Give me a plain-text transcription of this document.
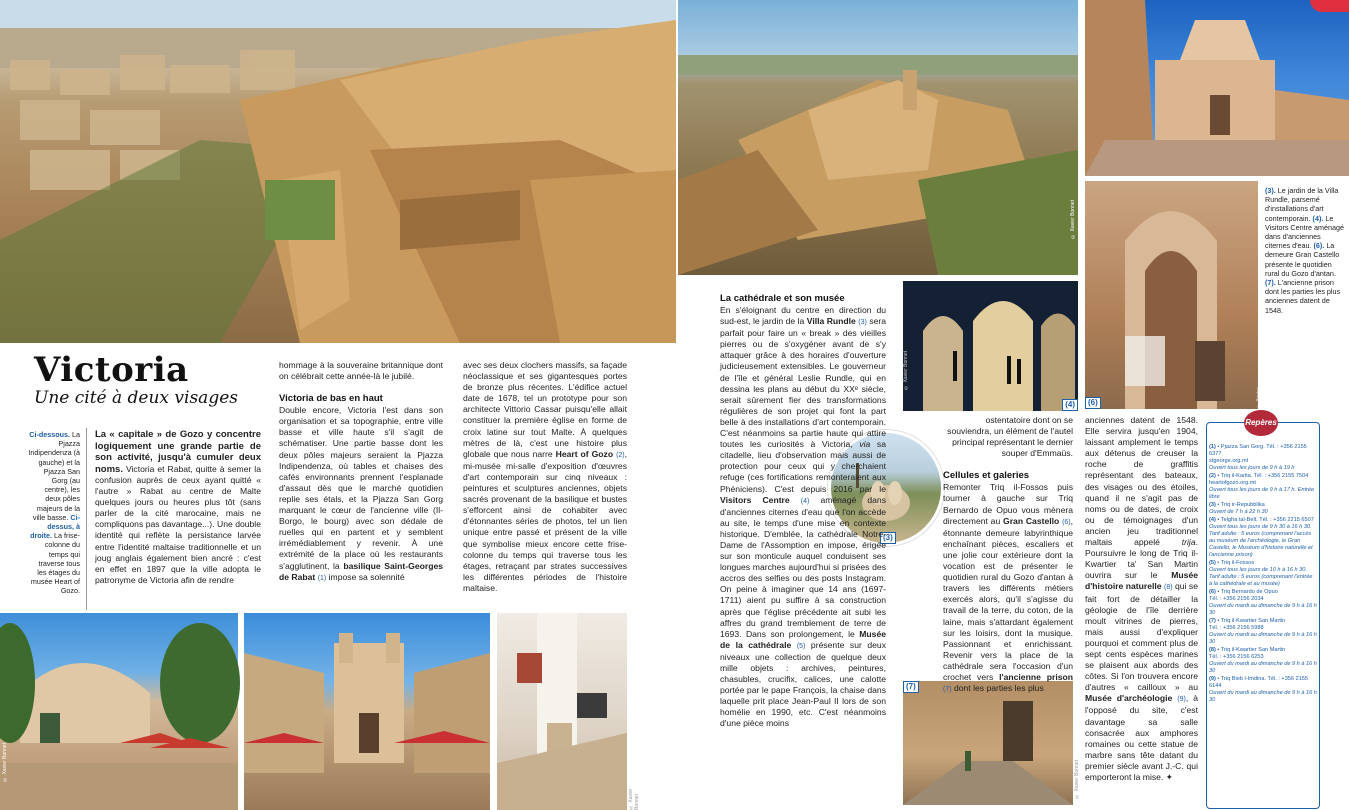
© Xavier Bonnet
(6)	© Xavier Bonnet
(4)
© Xavier Bonnet
(3)
(7)
© Xavier Bonnet
© Xavier Bonnet
© Xavier Bonnet
Victoria
Une cité à deux visages
Ci-dessous. La Pjazza Indipendenza (à gauche) et la Pjazza San Gorg (au centre), les deux pôles majeurs de la ville basse. Ci-dessus, à droite. La frise-colonne du temps qui traverse tous les étages du musée Heart of Gozo.

La « capitale » de Gozo y concentre logiquement une grande partie de son activité, jusqu'à cumuler deux noms. Victoria et Rabat, quitte à semer la confusion auprès de ceux ayant quitté « l'autre » Rabat au centre de Malte quelques jours ou heures plus tôt (sans parler de la cité marocaine, mais ne compliquons pas davantage...). Une double identité qui reflète la persistance larvée entre l'identité maltaise traditionnelle et un joug anglais également bien ancré : c'est en effet en 1897 que la ville adopta le patronyme de Victoria afin de rendre

hommage à la souveraine britannique dont on célébrait cette année-là le jubilé.

Victoria de bas en haut

Double encore, Victoria l'est dans son organisation et sa topographie, entre ville basse et ville haute s'il s'agit de schématiser. Une partie basse dont les deux pôles majeurs seraient la Pjazza Indipendenza, où tables et chaises des cafés environnants prennent l'esplanade d'assaut dès que le marché quotidien replie ses étals, et la Pjazza San Gorg marquant le cœur de l'ancienne ville (Il-Borgo, le bourg) avec son dédale de ruelles qui en partent et y semblent irrémédiablement y revenir. À une extrémité de la place où les restaurants s'agglutinent, la basilique Saint-Georges de Rabat (1) impose sa solennité

avec ses deux clochers massifs, sa façade néoclassique et ses gigantesques portes de bronze plus récentes. L'édifice actuel date de 1678, tel un prototype pour son architecte Vittorio Cassar puisqu'elle allait constituer la première église en forme de croix latine sur tout Malte. À quelques mètres de là, c'est une histoire plus globale que nous narre Heart of Gozo (2), mi-musée mi-salle d'exposition d'œuvres d'art contemporain sur cinq niveaux : peintures et sculptures anciennes, objets sacrés provenant de la basilique et bustes s'efforcent ainsi de cohabiter avec d'étonnantes séries de photos, tel un lien unique entre passé et présent de la ville que symbolise mieux encore cette frise-colonne du temps qui traverse tous les étages, retraçant par strates successives les différentes périodes de l'histoire maltaise.

La cathédrale et son musée

En s'éloignant du centre en direction du sud-est, le jardin de la Villa Rundle (3) sera parfait pour faire un « break » des vieilles pierres ou de s'oxygéner avant de s'y attaquer grâce à des horaires d'ouverture judicieusement extensibles. Le gouverneur de l'île et général Leslie Rundle, qui en dessina les plans au début du XXᵉ siècle, serait sûrement fier des transformations régulières de son projet qui font la part belle à des installations d'art contemporain. C'est néanmoins sa partie haute qui attire toutes les curiosités à Victoria, via sa citadelle, lieu d'observation mais aussi de protection pour ceux qui y cherchaient refuge (ces fortifications remonteraient aux Phéniciens). C'est depuis 2016 par le Visitors Centre (4) aménagé dans d'anciennes citernes d'eau que l'on accède au site, le temps d'une mise en contexte historique. D'emblée, la cathédrale Notre-Dame de l'Assomption en impose, érigée sur son monticule auquel conduisent ses longues marches aujourd'hui si prisées des accros des selfies ou des posts Instagram. On peine à imaginer que 14 ans (1697-1711) aient pu suffire à sa construction après que l'église précédente ait subi les affres du grand tremblement de terre de 1693. Dans son prolongement, le Musée de la cathédrale (5) présente sur deux niveaux une collection de quelque deux mille objets : archives, peintures, chasubles, crucifix, calices, une calotte portée par le pape François, la chaise dans laquelle prit place Jean-Paul II lors de son homélie en 1990, etc. C'est néanmoins d'une pièce moins

ostentatoire dont on se souviendra, un élément de l'autel principal représentant le dernier souper d'Emmaüs.

Cellules et galeries

Remonter Triq il-Fossos puis tourner à gauche sur Triq Bernardo de Opuo vous mènera directement au Gran Castello (6), étonnante demeure labyrinthique enchaînant pièces, escaliers et une jolie cour extérieure dont la vocation est de présenter le quotidien rural du Gozo d'antan à travers les différents métiers exercés alors, qu'il s'agisse du travail de la terre, du coton, de la laine, mais s'attardant également sur les loisirs, dont la musique. Passionnant et enrichissant. Revenir vers la place de la cathédrale sera l'occasion d'un crochet vers l'ancienne prison (7) dont les parties les plus

anciennes datent de 1548. Elle servira jusqu'en 1904, laissant amplement le temps aux détenus de creuser la roche de graffitis représentant des bateaux, des visages ou des étoiles, quand il ne s'agit pas de noms ou de dates, de croix ou de témoignages d'un ancien jeu traditionnel maltais appelé	trija. Poursuivre le long de Triq il-Kwartier ta' San Martin ouvrira sur le Musée d'histoire naturelle (8) qui se fait fort de détailler la géologie de l'île derrière moult vitrines de pierres, mais aussi d'expliquer pourquoi et comment plus de sept cents espèces marines se plaisent aux abords des côtes. Si l'on trouvera encore d'autres « cailloux » au Musée d'archéologie (9), à l'opposé du site, c'est davantage sa salle consacrée aux amphores romaines ou cette statue de marbre sans tête datant du premier siècle avant J.-C. qui emporteront la mise. ✦

(3). Le jardin de la Villa Rundle, parsemé d'installations d'art contemporain. (4). Le Visitors Centre aménagé dans d'anciennes citernes d'eau. (6). La demeure Gran Castello présente le quotidien rural du Gozo d'antan. (7). L'ancienne prison dont les parties les plus anciennes datent de 1548.
Repères
(1) • Pjazza San Gorg. Tél. : +356 2155 6377
stgeorge.org.mt
Ouvert tous les jours de 9 h à 19 h
(2) • Triq il-Karita. Tél. : +356 2155 7504
heartofgozo.org.mt
Ouvert tous les jours de 9 h à 17 h. Entrée libre
(3) • Triq ir-Repubblika
Ouvert de 7 h à 22 h 30
(4) • Telgħa tal-Belt. Tél. : +356 2215 6507
Ouvert tous les jours de 9 h 30 à 16 h 30. Tarif adulte : 5 euros (comprenant l'accès au muséum de l'archéologie, le Gran Castello, le Muséum d'histoire naturelle et l'ancienne prison)
(5) • Triq il-Fossos
Ouvert tous les jours de 10 h à 16 h 30. Tarif adulte : 5 euros (comprenant l'entrée à la cathédrale et au musée)
(6) • Triq Bernardo de Opuo
Tél. : +356 2156 2034
Ouvert du mardi au dimanche de 9 h à 16 h 30
(7) • Triq il-Kwartier San Martin
Tél. : +356 2156 5988
Ouvert du mardi au dimanche de 9 h à 16 h 30
(8) • Triq il-Kwartier San Martin
Tél. : +356 2156 6253
Ouvert du mardi au dimanche de 9 h à 16 h 30
(9) • Triq Bieb l-Imdina. Tél. : +356 2155 6144
Ouvert du mardi au dimanche de 9 h à 16 h 30
